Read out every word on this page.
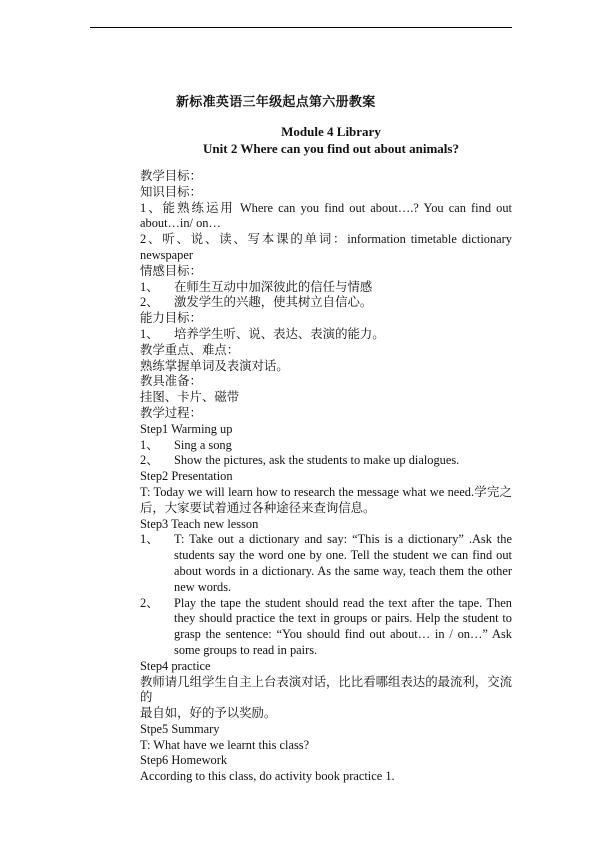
新标准英语三年级起点第六册教案
Module 4 Library
Unit 2 Where can you find out about animals?
教学目标：
知识目标：
1、能熟练运用 Where can you find out about….? You can find out
about…in/ on…
2、听、说、读、写本课的单词：information timetable dictionary
newspaper
情感目标：
1、	在师生互动中加深彼此的信任与情感
2、	激发学生的兴趣，使其树立自信心。
能力目标：
1、	培养学生听、说、表达、表演的能力。
教学重点、难点：
熟练掌握单词及表演对话。
教具准备：
挂图、卡片、磁带
教学过程：
Step1 Warming up
1、	Sing a song
2、	Show the pictures, ask the students to make up dialogues.
Step2 Presentation
T: Today we will learn how to research the message what we need.学完之
后，大家要试着通过各种途径来查询信息。
Step3 Teach new lesson
1、	T: Take out a dictionary and say: “This is a dictionary” .Ask the students say the word one by one. Tell the student we can find out about words in a dictionary. As the same way, teach them the other new words.
2、	Play the tape the student should read the text after the tape. Then they should practice the text in groups or pairs. Help the student to grasp the sentence: “You should find out about… in / on…” Ask some groups to read in pairs.
Step4 practice
教师请几组学生自主上台表演对话，比比看哪组表达的最流利，交流的
最自如，好的予以奖励。
Stpe5 Summary
T: What have we learnt this class?
Step6 Homework
According to this class, do activity book practice 1.
